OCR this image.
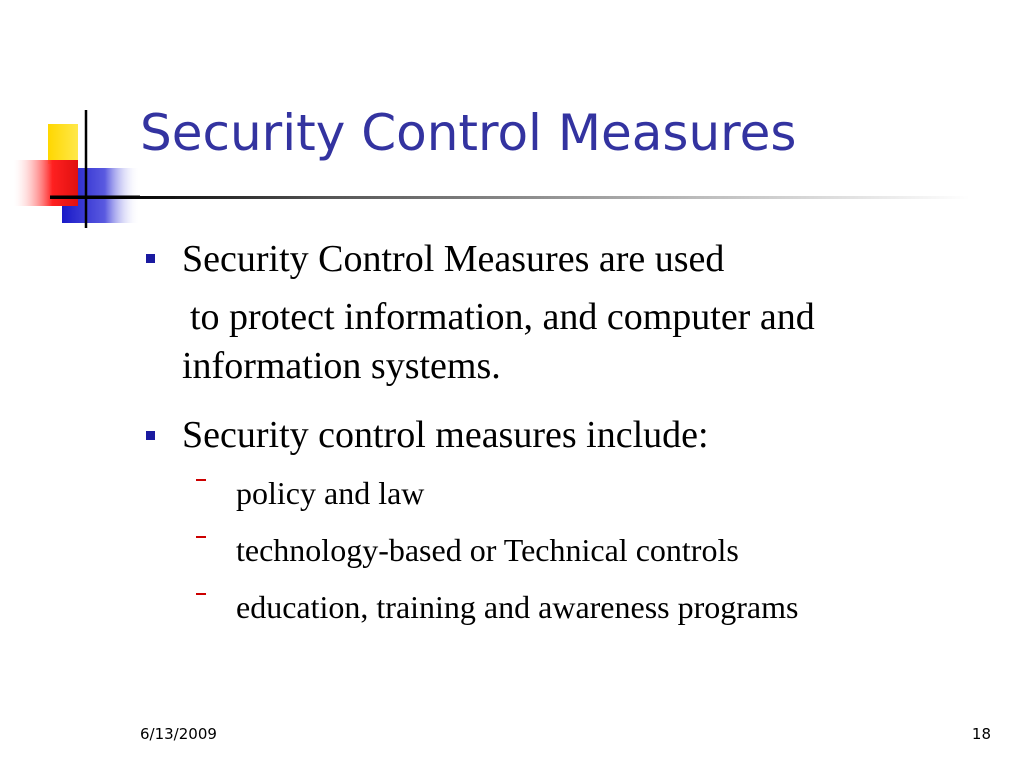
Security Control Measures
Security Control Measures are used
to protect information, and computer and
information systems.
Security control measures include:
policy and law
technology-based or Technical controls
education, training and awareness programs
6/13/2009	18
